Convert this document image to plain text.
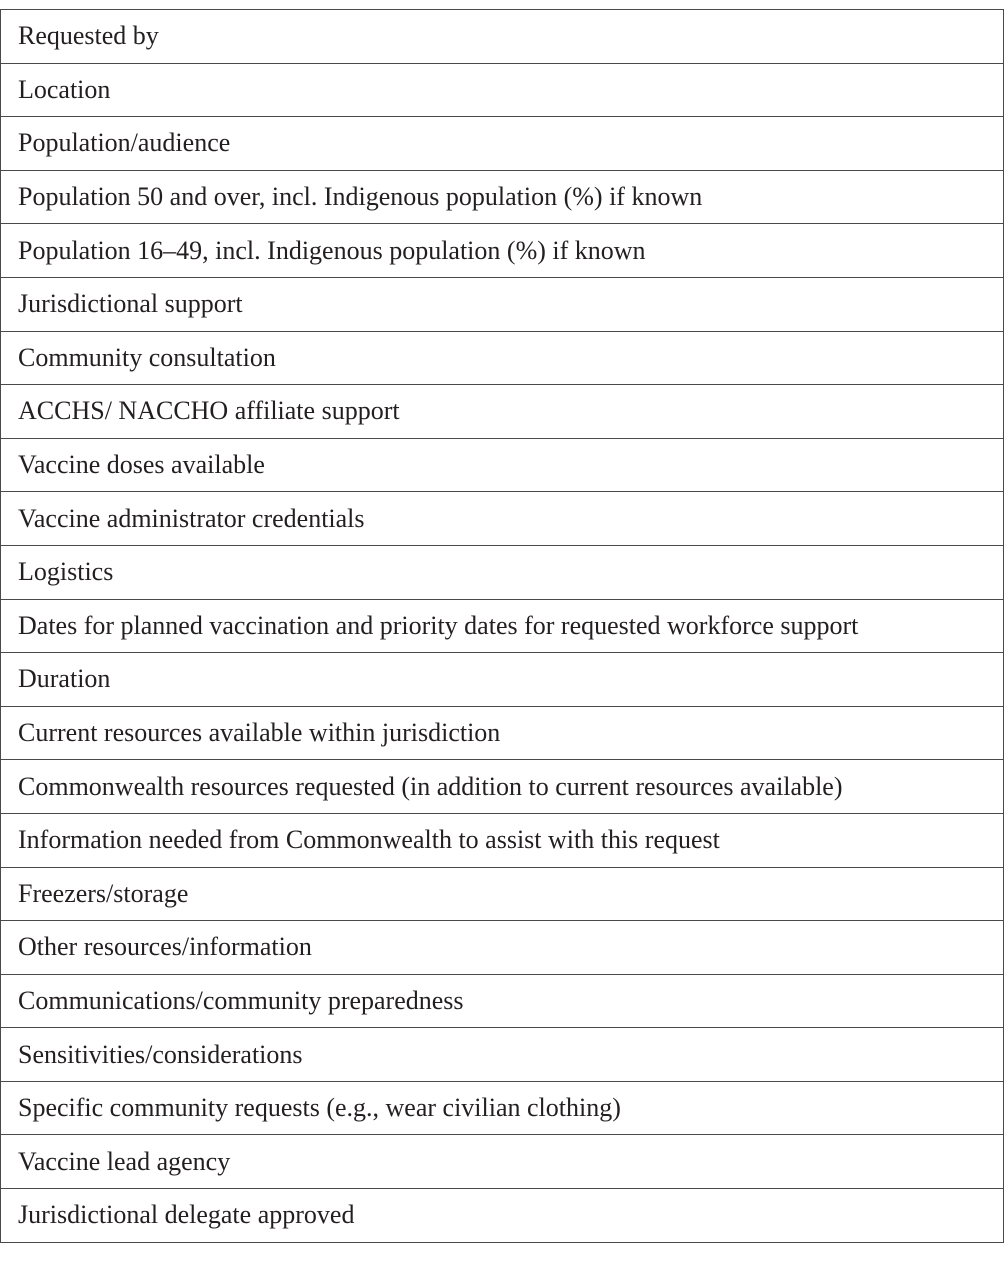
Requested by
Location
Population/audience
Population 50 and over, incl. Indigenous population (%) if known
Population 16–49, incl. Indigenous population (%) if known
Jurisdictional support
Community consultation
ACCHS/ NACCHO affiliate support
Vaccine doses available
Vaccine administrator credentials
Logistics
Dates for planned vaccination and priority dates for requested workforce support
Duration
Current resources available within jurisdiction
Commonwealth resources requested (in addition to current resources available)
Information needed from Commonwealth to assist with this request
Freezers/storage
Other resources/information
Communications/community preparedness
Sensitivities/considerations
Specific community requests (e.g., wear civilian clothing)
Vaccine lead agency
Jurisdictional delegate approved
